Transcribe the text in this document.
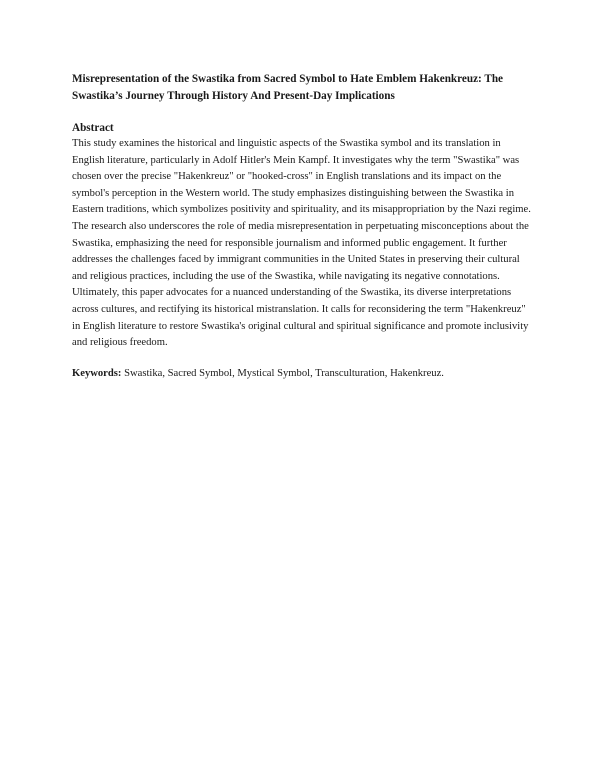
Misrepresentation of the Swastika from Sacred Symbol to Hate Emblem Hakenkreuz: The Swastika’s Journey Through History And Present-Day Implications
Abstract

This study examines the historical and linguistic aspects of the Swastika symbol and its translation in English literature, particularly in Adolf Hitler's Mein Kampf. It investigates why the term "Swastika" was chosen over the precise "Hakenkreuz" or "hooked-cross" in English translations and its impact on the symbol's perception in the Western world. The study emphasizes distinguishing between the Swastika in Eastern traditions, which symbolizes positivity and spirituality, and its misappropriation by the Nazi regime. The research also underscores the role of media misrepresentation in perpetuating misconceptions about the Swastika, emphasizing the need for responsible journalism and informed public engagement. It further addresses the challenges faced by immigrant communities in the United States in preserving their cultural and religious practices, including the use of the Swastika, while navigating its negative connotations. Ultimately, this paper advocates for a nuanced understanding of the Swastika, its diverse interpretations across cultures, and rectifying its historical mistranslation. It calls for reconsidering the term "Hakenkreuz" in English literature to restore Swastika's original cultural and spiritual significance and promote inclusivity and religious freedom.

Keywords: Swastika, Sacred Symbol, Mystical Symbol, Transculturation, Hakenkreuz.
